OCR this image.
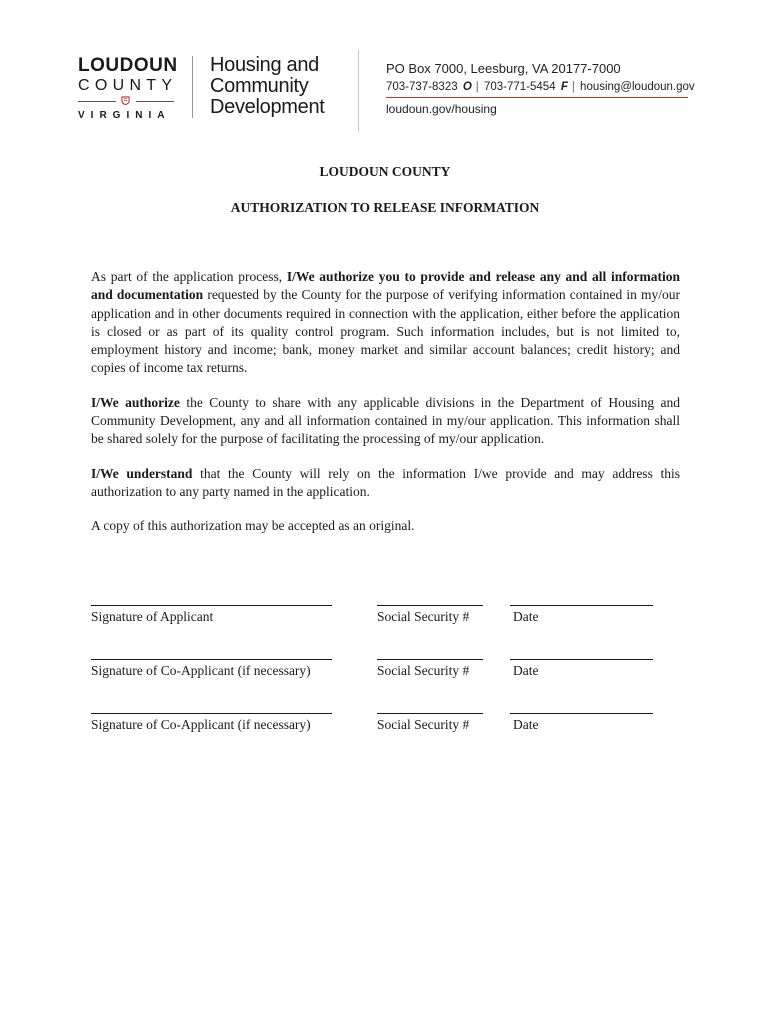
LOUDOUN
COUNTY
VIRGINIA
Housing and
Community
Development
PO Box 7000, Leesburg, VA 20177-7000
703-737-8323 O | 703-771-5454 F | housing@loudoun.gov
loudoun.gov/housing
LOUDOUN COUNTY
AUTHORIZATION TO RELEASE INFORMATION

As part of the application process, I/We authorize you to provide and release any and all information and documentation requested by the County for the purpose of verifying information contained in my/our application and in other documents required in connection with the application, either before the application is closed or as part of its quality control program. Such information includes, but is not limited to, employment history and income; bank, money market and similar account balances; credit history; and copies of income tax returns.

I/We authorize the County to share with any applicable divisions in the Department of Housing and Community Development, any and all information contained in my/our application. This information shall be shared solely for the purpose of facilitating the processing of my/our application.

I/We understand that the County will rely on the information I/we provide and may address this authorization to any party named in the application.

A copy of this authorization may be accepted as an original.

Signature of Applicant	Social Security #	Date
Signature of Co-Applicant (if necessary)	Social Security #	Date
Signature of Co-Applicant (if necessary)	Social Security #	Date
